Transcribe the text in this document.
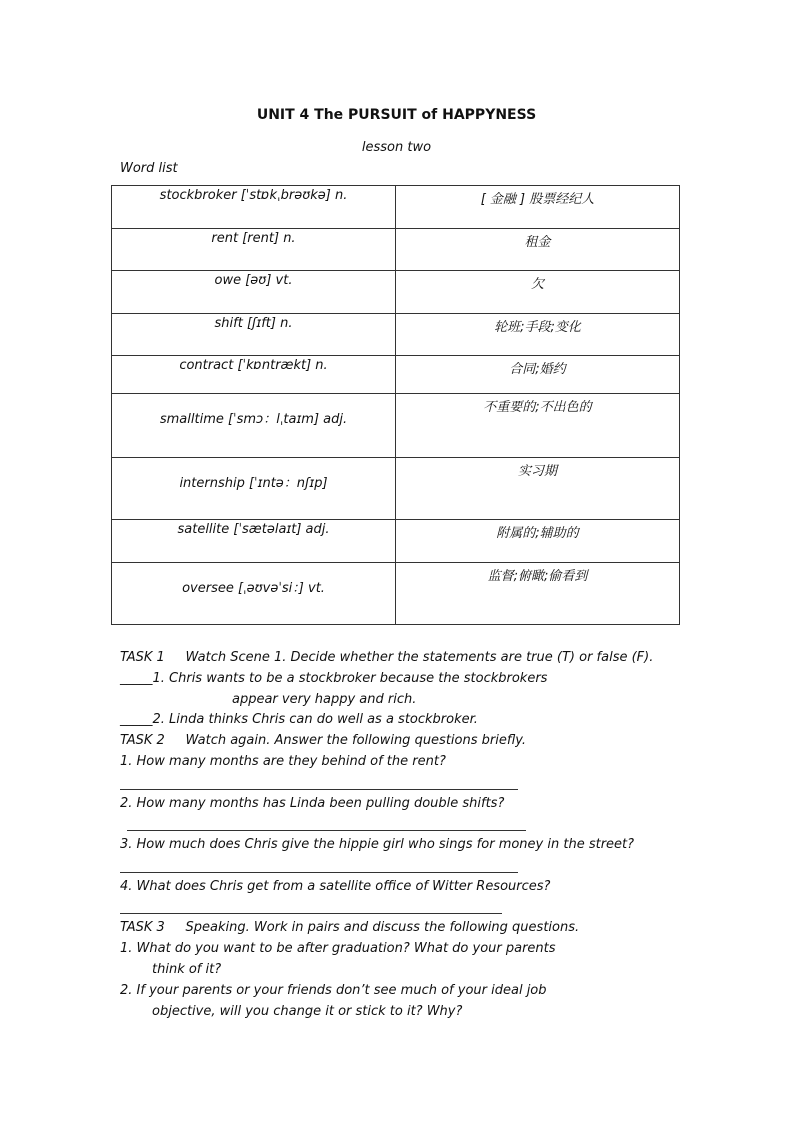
UNIT 4 The PURSUIT of HAPPYNESS
lesson two
Word list
stockbroker [ˈstɒkˌbrəʊkə] n.	[ 金融 ] 股票经纪人
rent [rent] n.	租金
owe [əʊ] vt.	欠
shift [ʃɪft] n.	轮班;手段;变化
contract [ˈkɒntrækt] n.	合同;婚约
smalltime [ˈsmɔ：lˌtaɪm] adj.	不重要的;不出色的
internship [ˈɪntə：nʃɪp]	实习期
satellite [ˈsætəlaɪt] adj.	附属的;辅助的
oversee [ˌəʊvəˈsi：] vt.	监督;俯瞰;偷看到
TASK 1     Watch Scene 1. Decide whether the statements are true (T) or false (F).
_____1. Chris wants to be a stockbroker because the stockbrokers
appear very happy and rich.
_____2. Linda thinks Chris can do well as a stockbroker.
TASK 2     Watch again. Answer the following questions briefly.
1. How many months are they behind of the rent?
2. How many months has Linda been pulling double shifts?
3. How much does Chris give the hippie girl who sings for money in the street?
4. What does Chris get from a satellite office of Witter Resources?
TASK 3     Speaking. Work in pairs and discuss the following questions.
1. What do you want to be after graduation? What do your parents
think of it?
2. If your parents or your friends don’t see much of your ideal job
objective, will you change it or stick to it? Why?
